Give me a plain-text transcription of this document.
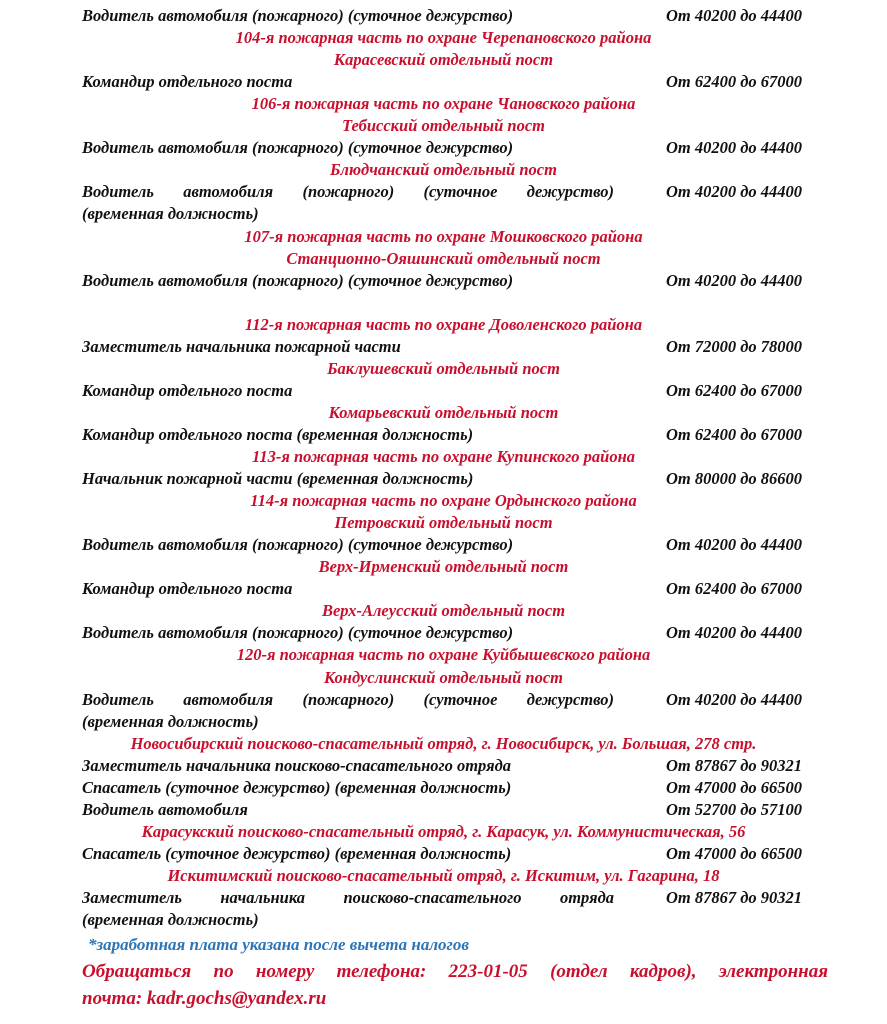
Водитель автомобиля (пожарного) (суточное дежурство)	От 40200 до 44400
104-я пожарная часть по охране Черепановского района
Карасевский отдельный пост
Командир отдельного поста	От 62400 до 67000
106-я пожарная часть по охране Чановского района
Тебисский отдельный пост
Водитель автомобиля (пожарного) (суточное дежурство)	От 40200 до 44400
Блюдчанский отдельный пост
Водитель автомобиля (пожарного) (суточное дежурство)	От 40200 до 44400
(временная должность)
107-я пожарная часть по охране Мошковского района
Станционно-Ояшинский отдельный пост
Водитель автомобиля (пожарного) (суточное дежурство)	От 40200 до 44400
112-я пожарная часть по охране Доволенского района
Заместитель начальника пожарной части	От 72000 до 78000
Баклушевский отдельный пост
Командир отдельного поста	От 62400 до 67000
Комарьевский отдельный пост
Командир отдельного поста (временная должность)	От 62400 до 67000
113-я пожарная часть по охране Купинского района
Начальник пожарной части (временная должность)	От 80000 до 86600
114-я пожарная часть по охране Ордынского района
Петровский отдельный пост
Водитель автомобиля (пожарного) (суточное дежурство)	От 40200 до 44400
Верх-Ирменский отдельный пост
Командир отдельного поста	От 62400 до 67000
Верх-Алеусский отдельный пост
Водитель автомобиля (пожарного) (суточное дежурство)	От 40200 до 44400
120-я пожарная часть по охране Куйбышевского района
Кондуслинский отдельный пост
Водитель автомобиля (пожарного) (суточное дежурство)	От 40200 до 44400
(временная должность)
Новосибирский поисково-спасательный отряд, г. Новосибирск, ул. Большая, 278 стр.
Заместитель начальника поисково-спасательного отряда	От 87867 до 90321
Спасатель (суточное дежурство) (временная должность)	От 47000 до 66500
Водитель автомобиля	От 52700 до 57100
Карасукский поисково-спасательный отряд, г. Карасук, ул. Коммунистическая, 56
Спасатель (суточное дежурство) (временная должность)	От 47000 до 66500
Искитимский поисково-спасательный отряд, г. Искитим, ул. Гагарина, 18
Заместитель начальника поисково-спасательного отряда	От 87867 до 90321
(временная должность)
*заработная плата указана после вычета налогов
Обращаться по номеру телефона: 223-01-05 (отдел кадров), электронная
почта: kadr.gochs@yandex.ru
